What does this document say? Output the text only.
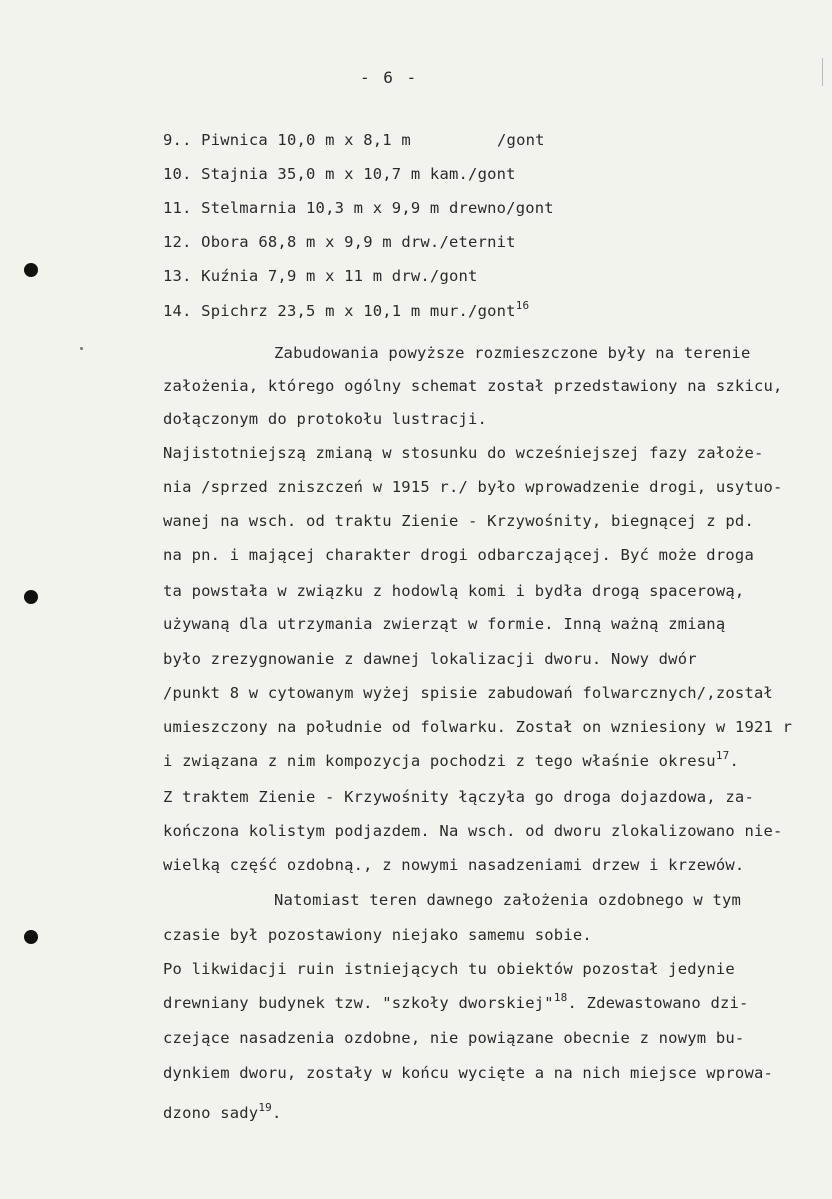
- 6 -
9.. Piwnica 10,0 m x 8,1 m	/gont
10. Stajnia 35,0 m x 10,7 m kam./gont
11. Stelmarnia 10,3 m x 9,9 m drewno/gont
12. Obora 68,8 m x 9,9 m drw./eternit
13. Kuźnia 7,9 m x 11 m drw./gont
14. Spichrz 23,5 m x 10,1 m mur./gont$^{16}$
Zabudowania powyższe rozmieszczone były na terenie
założenia, którego ogólny schemat został przedstawiony na szkicu,
dołączonym do protokołu lustracji.
Najistotniejszą zmianą w stosunku do wcześniejszej fazy założe-
nia /sprzed zniszczeń w 1915 r./ było wprowadzenie drogi, usytuo-
wanej na wsch. od traktu Zienie - Krzywośnity, biegnącej z pd.
na pn. i mającej charakter drogi odbarczającej. Być może droga
ta powstała w związku z hodowlą komi i bydła drogą spacerową,
używaną dla utrzymania zwierząt w formie. Inną ważną zmianą
było zrezygnowanie z dawnej lokalizacji dworu. Nowy dwór
/punkt 8 w cytowanym wyżej spisie zabudowań folwarcznych/,został
umieszczony na południe od folwarku. Został on wzniesiony w 1921 r
i związana z nim kompozycja pochodzi z tego właśnie okresu$^{17}$.
Z traktem Zienie - Krzywośnity łączyła go droga dojazdowa, za-
kończona kolistym podjazdem. Na wsch. od dworu zlokalizowano nie-
wielką część ozdobną., z nowymi nasadzeniami drzew i krzewów.
Natomiast teren dawnego założenia ozdobnego w tym
czasie był pozostawiony niejako samemu sobie.
Po likwidacji ruin istniejących tu obiektów pozostał jedynie
drewniany budynek tzw. "szkoły dworskiej"$^{18}$. Zdewastowano dzi-
czejące nasadzenia ozdobne, nie powiązane obecnie z nowym bu-
dynkiem dworu, zostały w końcu wycięte a na nich miejsce wprowa-
dzono sady$^{19}$.
